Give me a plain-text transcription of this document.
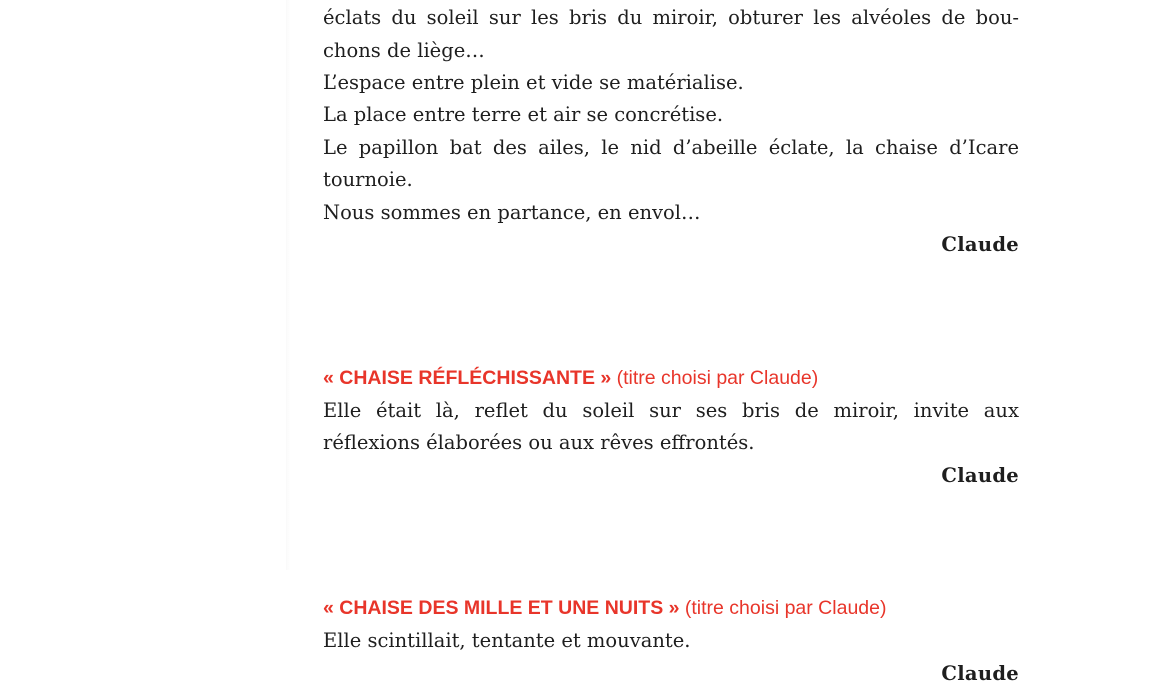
éclats du soleil sur les bris du miroir, obturer les alvéoles de bou-
chons de liège…
L’espace entre plein et vide se matérialise.
La place entre terre et air se concrétise.
Le papillon bat des ailes, le nid d’abeille éclate, la chaise d’Icare
tournoie.
Nous sommes en partance, en envol…
Claude
« CHAISE RÉFLÉCHISSANTE » (titre choisi par Claude)
Elle était là, reflet du soleil sur ses bris de miroir, invite aux
réflexions élaborées ou aux rêves effrontés.
Claude
« CHAISE DES MILLE ET UNE NUITS » (titre choisi par Claude)
Elle scintillait, tentante et mouvante.
Claude
